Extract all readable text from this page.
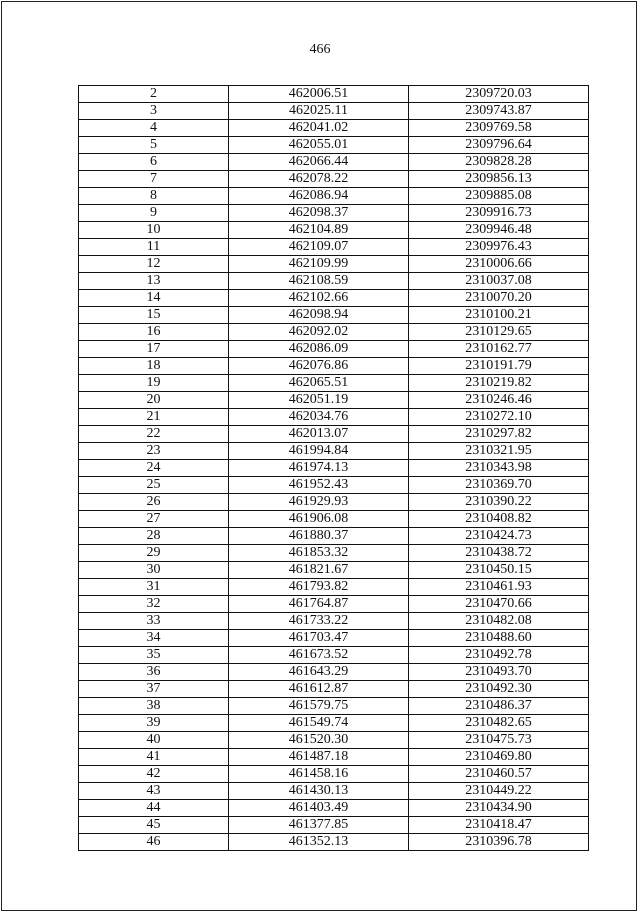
466
2	462006.51	2309720.03
3	462025.11	2309743.87
4	462041.02	2309769.58
5	462055.01	2309796.64
6	462066.44	2309828.28
7	462078.22	2309856.13
8	462086.94	2309885.08
9	462098.37	2309916.73
10	462104.89	2309946.48
11	462109.07	2309976.43
12	462109.99	2310006.66
13	462108.59	2310037.08
14	462102.66	2310070.20
15	462098.94	2310100.21
16	462092.02	2310129.65
17	462086.09	2310162.77
18	462076.86	2310191.79
19	462065.51	2310219.82
20	462051.19	2310246.46
21	462034.76	2310272.10
22	462013.07	2310297.82
23	461994.84	2310321.95
24	461974.13	2310343.98
25	461952.43	2310369.70
26	461929.93	2310390.22
27	461906.08	2310408.82
28	461880.37	2310424.73
29	461853.32	2310438.72
30	461821.67	2310450.15
31	461793.82	2310461.93
32	461764.87	2310470.66
33	461733.22	2310482.08
34	461703.47	2310488.60
35	461673.52	2310492.78
36	461643.29	2310493.70
37	461612.87	2310492.30
38	461579.75	2310486.37
39	461549.74	2310482.65
40	461520.30	2310475.73
41	461487.18	2310469.80
42	461458.16	2310460.57
43	461430.13	2310449.22
44	461403.49	2310434.90
45	461377.85	2310418.47
46	461352.13	2310396.78
